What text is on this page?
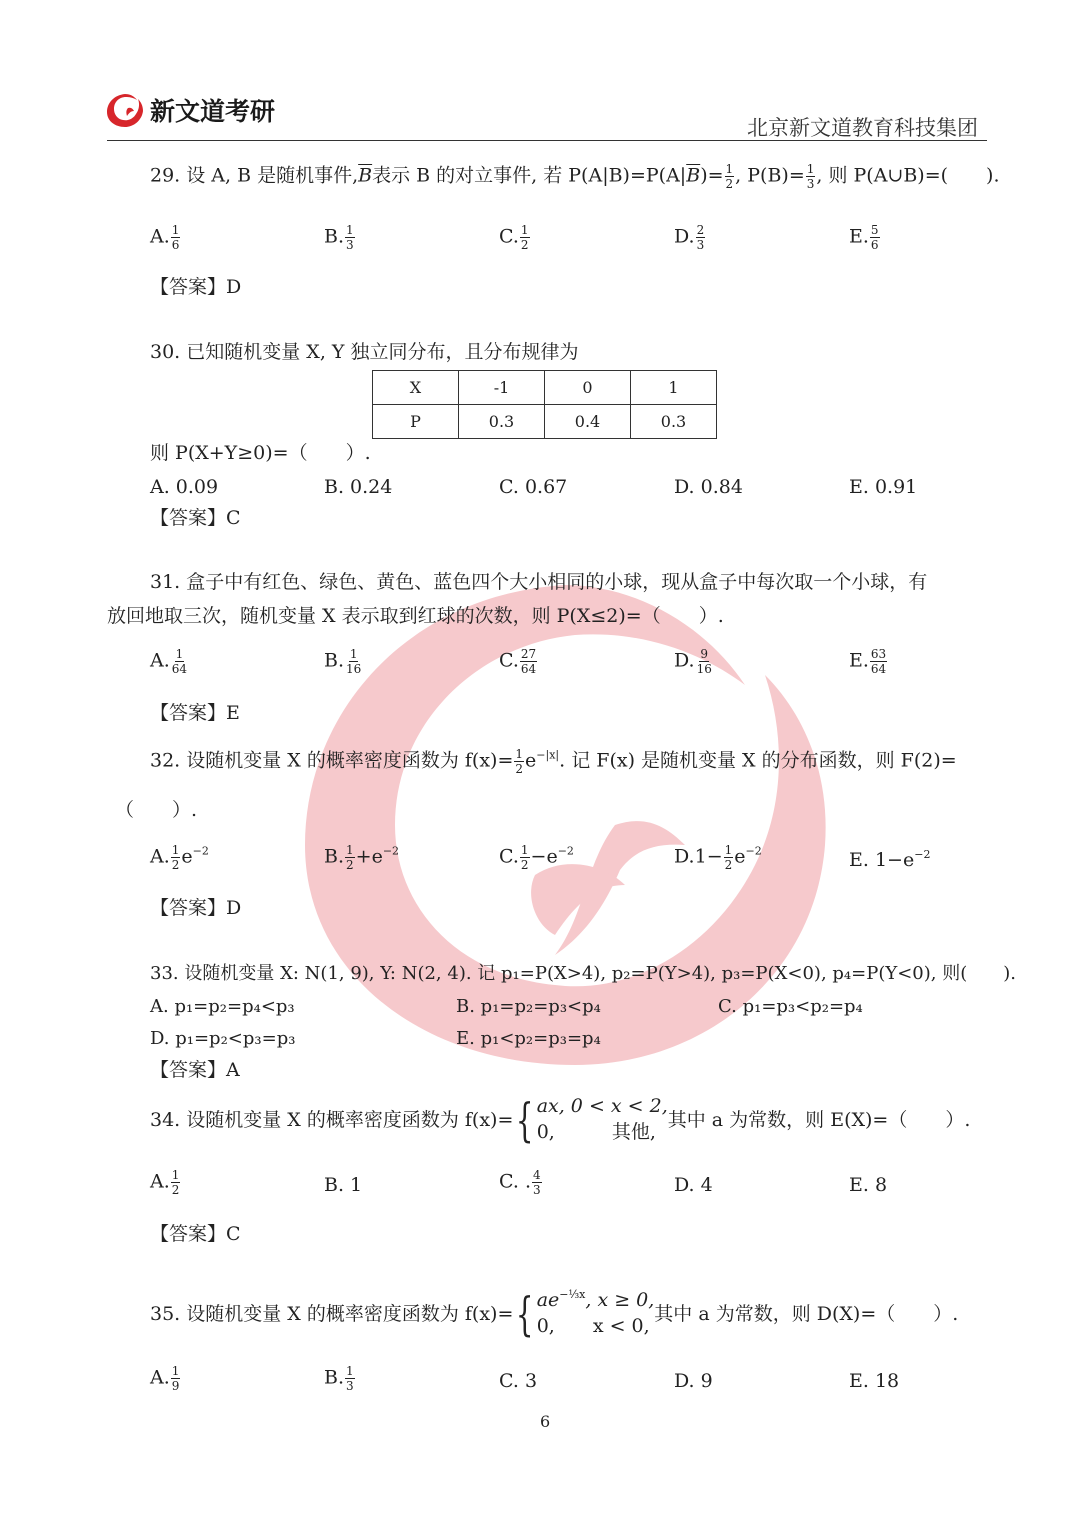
新文道考研
北京新文道教育科技集团
29. 设 A, B 是随机事件$,\overline{B}$表示 B 的对立事件, 若 $P(A|B)=P(A|\overline{B})= \frac{1}{2}$ , $P(B)= \frac{1}{3}$ , 则 P(A∪B)=(　　).
A. $\frac{1}{6}$	B. $\frac{1}{3}$	C. $\frac{1}{2}$	D. $\frac{2}{3}$	E. $\frac{5}{6}$
【答案】D
30. 已知随机变量 X, Y 独立同分布，且分布规律为
X	-1	0	1
P	0.3	0.4	0.3
则 P(X+Y≥0)=（　　）.
A. 0.09	B. 0.24	C. 0.67	D. 0.84	E. 0.91
【答案】C
31. 盒子中有红色、绿色、黄色、蓝色四个大小相同的小球，现从盒子中每次取一个小球，有
放回地取三次，随机变量 X 表示取到红球的次数，则 P(X≤2)=（　　）.
A. $\frac{1}{64}$	B. $\frac{1}{16}$	C. $\frac{27}{64}$	D. $\frac{9}{16}$	E. $\frac{63}{64}$
【答案】E
32. 设随机变量 X 的概率密度函数为 $f(x)= \frac{1}{2} e^{-|x|}$. 记 F(x) 是随机变量 X 的分布函数，则 F(2)=
（　　）.
A. $\frac{1}{2} e^{-2}$	B. $\frac{1}{2} +e^{-2}$	C. $\frac{1}{2} -e^{-2}$	$D.1- \frac{1}{2} e^{-2}$	E. $1-e^{-2}$
【答案】D
33. 设随机变量 X: N(1, 9), Y: N(2, 4). 记 p₁=P(X>4), p₂=P(Y>4), p₃=P(X<0), p₄=P(Y<0), 则(　　).
A. p₁=p₂=p₄<p₃	B. p₁=p₂=p₃<p₄	C. p₁=p₃<p₂=p₄
D. p₁=p₂<p₃=p₃	E. p₁<p₂=p₃=p₄
【答案】A
34. 设随机变量 X 的概率密度函数为 f(x)= { ax, 0 < x < 2,
0,　　　其他,
其中 a 为常数，则 E(X)=（　　）.
A. $\frac{1}{2}$	B. 1	C. . $\frac{4}{3}$	D. 4	E. 8
【答案】C
35. 设随机变量 X 的概率密度函数为 f(x)= { $ae^{-\frac{1}{3}x}$, x ≥ 0,
0,　　x < 0,
其中 a 为常数，则 D(X)=（　　）.
A. $\frac{1}{9}$	B. $\frac{1}{3}$	C. 3	D. 9	E. 18
6
